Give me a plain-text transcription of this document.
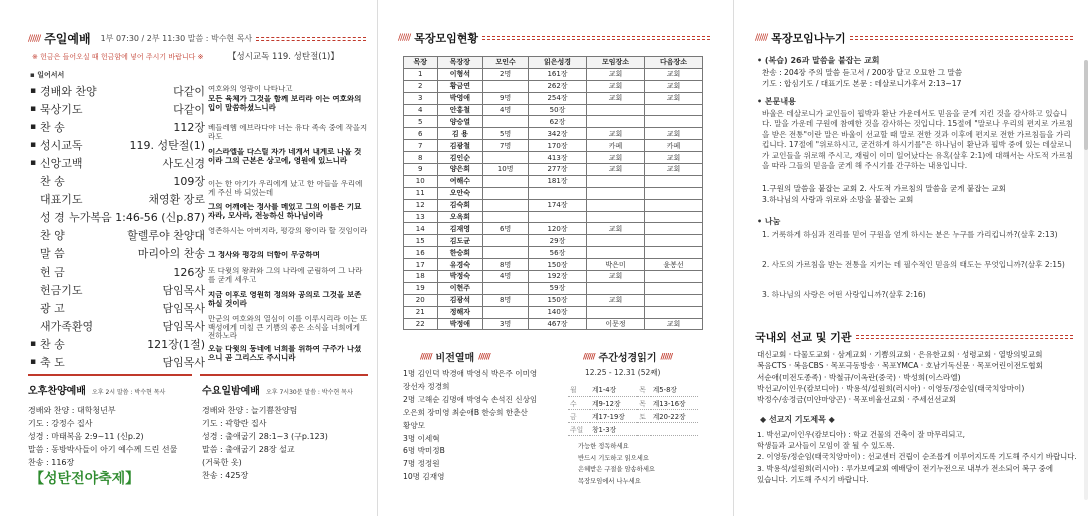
////// 주일예배 1부 07:30 / 2부 11:30 말씀 : 박수현 목사
※ 헌금은 들어오실 때 헌금함에 넣어 주시기 바랍니다 ※	【성시교독 119. 성탄절(1)】
▪ 일어서서
▪ 경배와 찬양	다같이
▪ 묵상기도	다같이
▪ 찬 송	112장
▪ 성시교독	119. 성탄절(1)
▪ 신앙고백	사도신경
찬 송	109장
대표기도	채영환 장로
성 경 누가복음 1:46-56 (신p.87)
찬 양	할렐루야 찬양대
말 씀	마리아의 찬송
헌 금	126장
헌금기도	담임목사
광 고	담임목사
새가족환영	담임목사
▪ 찬 송	121장(1절)
▪ 축 도	담임목사
여호와의 영광이 나타나고
모든 육체가 그것을 함께 보리라 이는 여호와의 입이 말씀하셨느니라
베들레헴 에브라다야 너는 유다 족속 중에 작을지라도
이스라엘을 다스릴 자가 네게서 내게로 나올 것이라 그의 근본은 상고에, 영원에 있느니라
이는 한 아기가 우리에게 났고 한 아들을 우리에게 주신 바 되었는데
그의 어깨에는 정사를 메었고 그의 이름은 기묘자라, 모사라, 전능하신 하나님이라
영존하시는 아버지라, 평강의 왕이라 할 것임이라
그 정사와 평강의 더함이 무궁하며
또 다윗의 왕좌와 그의 나라에 군림하여 그 나라를 굳게 세우고
지금 이후로 영원히 정의와 공의로 그것을 보존하실 것이라
만군의 여호와의 열심이 이를 이루시리라 이는 또 백성에게 미칠 큰 기쁨의 좋은 소식을 너희에게 전하노라
오늘 다윗의 동네에 너희를 위하여 구주가 나셨으니 곧 그리스도 주시니라
오후찬양예배 오후 2시 말씀 : 박수현 목사
경배와 찬양 : 대학청년부
기도 : 강정수 집사
성경 : 마태복음 2:9~11 (신p.2)
말씀 : 동방박사들이 아기 예수께 드린 선물
찬송 : 116장
수요일밤예배 오후 7시30분 말씀 : 박수현 목사
경배와 찬양 : 늘기쁨찬양팀
기도 : 곽향란 집사
성경 : 출애굽기 28:1~3 (구p.123)
말씀 : 출애굽기 28장 설교
(거룩한 옷)
찬송 : 425장
【성탄전야축제】
////// 목장모임현황
목장	목장장	모인수	읽은성경	모임장소	다음장소
1	이형석	2명	161장	교회	교회
2	황금연		262장	교회	교회
3	박영애	9명	254장	교회	교회
4	안홍철	4명	50장		
5	양승열		62장		
6	김 용	5명	342장	교회	교회
7	김광철	7명	170장	카페	카페
8	김인순		413장	교회	교회
9	양은희	10명	277장	교회	교회
10	여해수		181장		
11	오안숙				
12	김숙희		174장		
13	오옥희				
14	김재영	6명	120장	교회	
15	김도균		29장		
16	한승희		56장		
17	유경숙	8명	150장	박은미	윤봉선
18	박정숙	4명	192장	교회	
19	이현주		59장		
20	김광석	8명	150장	교회	
21	정해자		140장		
22	박정애	3명	467장	이문정	교회
////// 비전열매 //////
1명 김인덕 박경애 박영식 박은주 이미영
장선자 정경희
2명 고해순 김명애 박영숙 손석진 신상임
오은희 장미영 최순애B 한승희 한춘산
황양모
3명 이세혁
6명 박미정B
7명 정정원
10명 김재영
////// 주간성경읽기 //////
12.25 - 12.31 (52째)
월	계1-4장	목	계5-8장
수	계9-12장	목	계13-16장
금	계17-19장	토	계20-22장
주일	창1-3장		
가능한 정독하세요
반드시 기도하고 읽으세요
은혜받은 구절을 암송하세요
목장모임에서 나누세요
////// 목장모임나누기
• (복습) 26과 말씀을 붙잡는 교회
찬송 : 204장 주의 말씀 듣고서 / 200장 달고 오묘한 그 말씀
기도 : 합심기도 / 대표기도 본문 : 데살로니가후서 2:13~17
• 본문내용
바울은 데살로니가 교인들이 핍박과 환난 가운데서도 믿음을 굳게 지킨 것을 감사하고 있습니다. 말을 가운데 구원에 참예한 것을 감사하는 것입니다. 15절에 "말로나 우리의 편지로 가르침을 받은 전통"이란 말은 바울이 선교할 때 말로 전한 것과 이후에 편지로 전한 가르침들을 가리킵니다. 17절에 "위로하시고, 굳건하게 하시기를"은 하나님이 환난과 핍박 중에 있는 데살로니가 교인들을 위로해 주시고, 재림이 이미 일어났다는 유혹(살후 2:1)에 대해서는 사도적 가르침을 따라 그들의 믿음을 굳게 해 주시기를 간구하는 내용입니다.
1.구원의 말씀을 붙잡는 교회 2. 사도적 가르침의 말씀을 굳게 붙잡는 교회
3.하나님의 사랑과 위로와 소망을 붙잡는 교회
• 나눔
1. 거룩하게 하심과 진리를 믿어 구원을 얻게 하시는 분은 누구를 가리킵니까?(살후 2:13)
2. 사도의 가르침을 받는 전통을 지키는 데 필수적인 믿음의 태도는 무엇입니까?(살후 2:15)
3. 하나님의 사랑은 어떤 사랑입니까?(살후 2:16)
국내외 선교 및 기관
대신교회 · 다물도교회 · 삼계교회 · 기쁨의교회 · 은유한교회 · 성령교회 · 열방의빛교회
복음CTS · 복음CBS · 목포극동방송 · 목포YMCA · 호남기독신문 · 목포어린이전도협회
서순애(미전도종족) · 박철규/이옥란(중국) · 박성희(이스라엘)
박선교/이인우(캄보디아) · 박용석/설원희(러시아) · 이영동/정순임(태국치앙마이)
박정수/송정금(미얀마양곤) · 목포비율선교회 · 주세선선교회
◆ 선교지 기도제목 ◆
1. 박선교/이인우(캄보디아) : 학교 건물의 건축이 잘 마무리되고,
학생들과 교사들이 모임이 잘 될 수 있도록.
2. 이영동/정순임(태국치앙마이) : 선교센터 건립이 순조롭게 이루어지도록 기도해 주시기 바랍니다.
3. 박용석/설원희(러시아) : 루가보예교회 예배당이 전기누전으로 내부가 전소되어 복구 중에
있습니다. 기도해 주시기 바랍니다.
